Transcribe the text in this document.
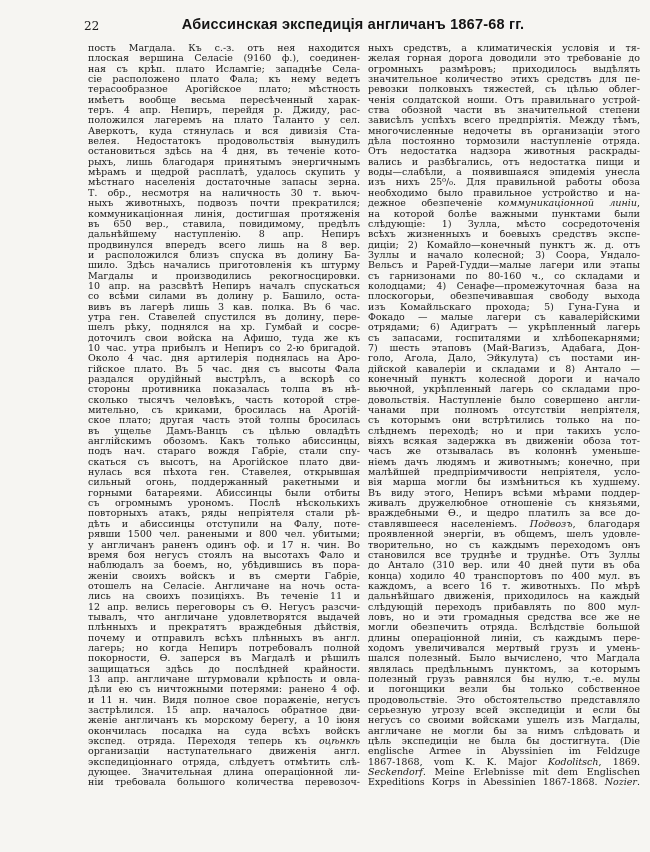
22	Абиссинская экспедиція англичанъ 1867-68 гг.
пость Магдала. Къ с.-з. отъ нея находится
плоская вершина Селасіе (9160 ф.), соединен-
ная съ крѣп. плато Исламгіе; западнѣе Села-
сіе расположено плато Фала; къ нему ведетъ
терасообразное Арогійское плато; мѣстность
имѣетъ вообще весьма пересѣченный харак-
теръ. 4 апр. Непиръ, перейдя р. Джиду, рас-
положился лагеремъ на плато Таланто у сел.
Аверкотъ, куда стянулась и вся дивизія Ста-
велея. Недостатокъ продовольствія вынудилъ
остановиться здѣсь на 4 дня, въ теченіе кото-
рыхъ, лишь благодаря принятымъ энергичнымъ
мѣрамъ и щедрой расплатѣ, удалось скупить у
мѣстнаго населенія достаточные запасы зерна.
Т. обр., несмотря на наличность 30 т. вьюч-
ныхъ животныхъ, подвозъ почти прекратился;
коммуникаціонная линія, достигшая протяженія
въ 650 вер., ставила, повидимому, предѣлъ
дальнѣйшему наступленію. 8 апр. Непиръ
продвинулся впередъ всего лишь на 8 вер.
и расположился близъ спуска въ долину Ба-
шило. Здѣсь начались приготовленія къ штурму
Магдалы и производились рекогносцировки.
10 апр. на разсвѣтѣ Непиръ началъ спускаться
со всѣми силами въ долину р. Башило, оста-
вивъ въ лагерѣ лишь 3 кав. полка. Въ 6 час.
утра ген. Ставелей спустился въ долину, пере-
шелъ рѣку, поднялся на хр. Гумбай и сосре-
доточилъ свои войска на Афишо, туда же къ
10 час. утра прибылъ и Непиръ со 2-ю бригадой.
Около 4 час. дня артилерія поднялась на Аро-
гійское плато. Въ 5 час. дня съ высоты Фала
раздался орудійный выстрѣлъ, а вскорѣ со
стороны противника показалась толпа въ нѣ-
сколько тысячъ человѣкъ, часть которой стре-
мительно, съ криками, бросилась на Арогій-
ское плато; другая часть этой толпы бросилась
въ ущелье Дамъ-Ванцъ съ цѣлью овладѣть
англійскимъ обозомъ. Какъ только абиссинцы,
подъ нач. стараго вождя Габріе, стали спу-
скаться съ высотъ, на Арогійское плато дви-
нулась вся пѣхота ген. Ставелея, открывшая
сильный огонь, поддержанный ракетными и
горными батареями. Абиссинцы были отбиты
съ огромнымъ урономъ. Послѣ нѣсколькихъ
повторныхъ атакъ, ряды непріятеля стали рѣ-
дѣть и абиссинцы отступили на Фалу, поте-
рявши 1500 чел. ранеными и 800 чел. убитыми;
у англичанъ раненъ одинъ оф. и 17 н. чин. Во
время боя негусъ стоялъ на высотахъ Фало и
наблюдалъ за боемъ, но, убѣдившись въ пора-
женіи своихъ войскъ и въ смерти Габріе,
отошелъ на Селасіе. Англичане на ночь оста-
лись на своихъ позиціяхъ. Въ теченіе 11 и
12 апр. велись переговоры съ Ѳ. Негусъ разсчи-
тывалъ, что англичане удовлетворятся выдачей
плѣнныхъ и прекратятъ враждебныя дѣйствія,
почему и отправилъ всѣхъ плѣнныхъ въ англ.
лагерь; но когда Непиръ потребовалъ полной
покорности, Ѳ. заперся въ Магдалѣ и рѣшилъ
защищаться здѣсь до послѣдней крайности.
13 апр. англичане штурмовали крѣпость и овла-
дѣли ею съ ничтожными потерями: ранено 4 оф.
и 11 н. чин. Видя полное свое пораженіе, негусъ
застрѣлился. 15 апр. началось обратное дви-
женіе англичанъ къ морскому берегу, а 10 іюня
окончилась посадка на суда всѣхъ войскъ
экспед. отряда. Переходя теперь къ оцѣнкѣ
организаціи наступательнаго движенія англ.
экспедиціоннаго отряда, слѣдуетъ отмѣтить слѣ-
дующее. Значительная длина операціонной ли-
ніи требовала большого количества перевозоч-
ныхъ средствъ, а климатическія условія и тя-
желая горная дорога доводили это требованіе до
огромныхъ размѣровъ; приходилось выдѣлять
значительное количество этихъ средствъ для пе-
ревозки полковыхъ тяжестей, съ цѣлью облег-
ченія солдатской ноши. Отъ правильнаго устрой-
ства обозной части въ значительной степени
зависѣлъ успѣхъ всего предпріятія. Между тѣмъ,
многочисленные недочеты въ организаціи этого
дѣла постоянно тормозили наступленіе отряда.
Отъ недостатка надзора животныя раскрады-
вались и разбѣгались, отъ недостатка пищи и
воды—слабѣли, а появившаяся эпидемія унесла
изъ нихъ 25⁰/₀. Для правильной работы обоза
необходимо было правильное устройство и на-
дежное обезпеченіе коммуникаціонной линіи,
на которой болѣе важными пунктами были
слѣдующіе: 1) Зулла, мѣсто сосредоточенія
всѣхъ жизненныхъ и боевыхъ средствъ экспе-
диціи; 2) Комайло—конечный пунктъ ж. д. отъ
Зуллы и начало колесной; 3) Соора, Ундало-
Вельсъ и Рарей-Гудди—малые лагери или этапы
съ гарнизонами по 80-160 ч., со складами и
колодцами; 4) Сенафе—промежуточная база на
плоскогорьи, обезпечивавшая свободу выхода
изъ Комайльскаго прохода; 5) Гуна-Гуна и
Фокадо — малые лагери съ кавалерійскими
отрядами; 6) Адигратъ — укрѣпленный лагерь
съ запасами, госпиталями и хлѣбопекарнями;
7) шесть этаповъ (Май-Вагизъ, Адабага, Дон-
голо, Агола, Дало, Эйкулута) съ постами ин-
дійской кавалеріи и складами и 8) Антало —
конечный пунктъ колесной дороги и начало
вьючной, укрѣпленный лагерь со складами про-
довольствія. Наступленіе было совершено англи-
чанами при полномъ отсутствіи непріятеля,
съ которымъ они встрѣтились только на по-
слѣднемъ переходѣ; но и при такихъ усло-
віяхъ всякая задержка въ движеніи обоза тот-
часъ же отзывалась въ колоннѣ уменьше-
ніемъ дачъ людямъ и животнымъ; конечно, при
малѣйшей предпріимчивости непріятеля, усло-
вія марша могли бы измѣниться къ худшему.
Въ виду этого, Непиръ всѣми мѣрами поддер-
живалъ дружелюбное отношеніе съ князьями,
враждебными Ѳ., и щедро платилъ за все до-
ставлявшееся населеніемъ. Подвозъ, благодаря
проявленной энергіи, въ общемъ, шелъ удовле-
творительно, но съ каждымъ переходомъ онъ
становился все труднѣе и труднѣе. Отъ Зуллы
до Антало (310 вер. или 40 дней пути въ оба
конца) ходило 40 транспортовъ по 400 мул. въ
каждомъ, а всего 16 т. животныхъ. По мѣрѣ
дальнѣйшаго движенія, приходилось на каждый
слѣдующій переходъ прибавлять по 800 мул-
ловъ, но и эти громадныя средства все же не
могли обезпечить отряда. Вслѣдствіе большой
длины операціонной линіи, съ каждымъ пере-
ходомъ увеличивался мертвый грузъ и умень-
шался полезный. Было вычислено, что Магдала
являлась предѣльнымъ пунктомъ, за которымъ
полезный грузъ равнялся бы нулю, т.-е. мулы
и погонщики везли бы только собственное
продовольствіе. Это обстоятельство представляло
серьезную угрозу всей экспедиціи и если бы
негусъ со своими войсками ушелъ изъ Магдалы,
англичане не могли бы за нимъ слѣдовать и
цѣль экспедиціи не была бы достигнута. (Die
englische Armee in Abyssinien im Feldzuge
1867-1868, vom K. K. Major Kodolitsch, 1869.
Seckendorf. Meine Erlebnisse mit dem Englischen
Expeditions Korps in Abessinien 1867-1868. Nozier.
